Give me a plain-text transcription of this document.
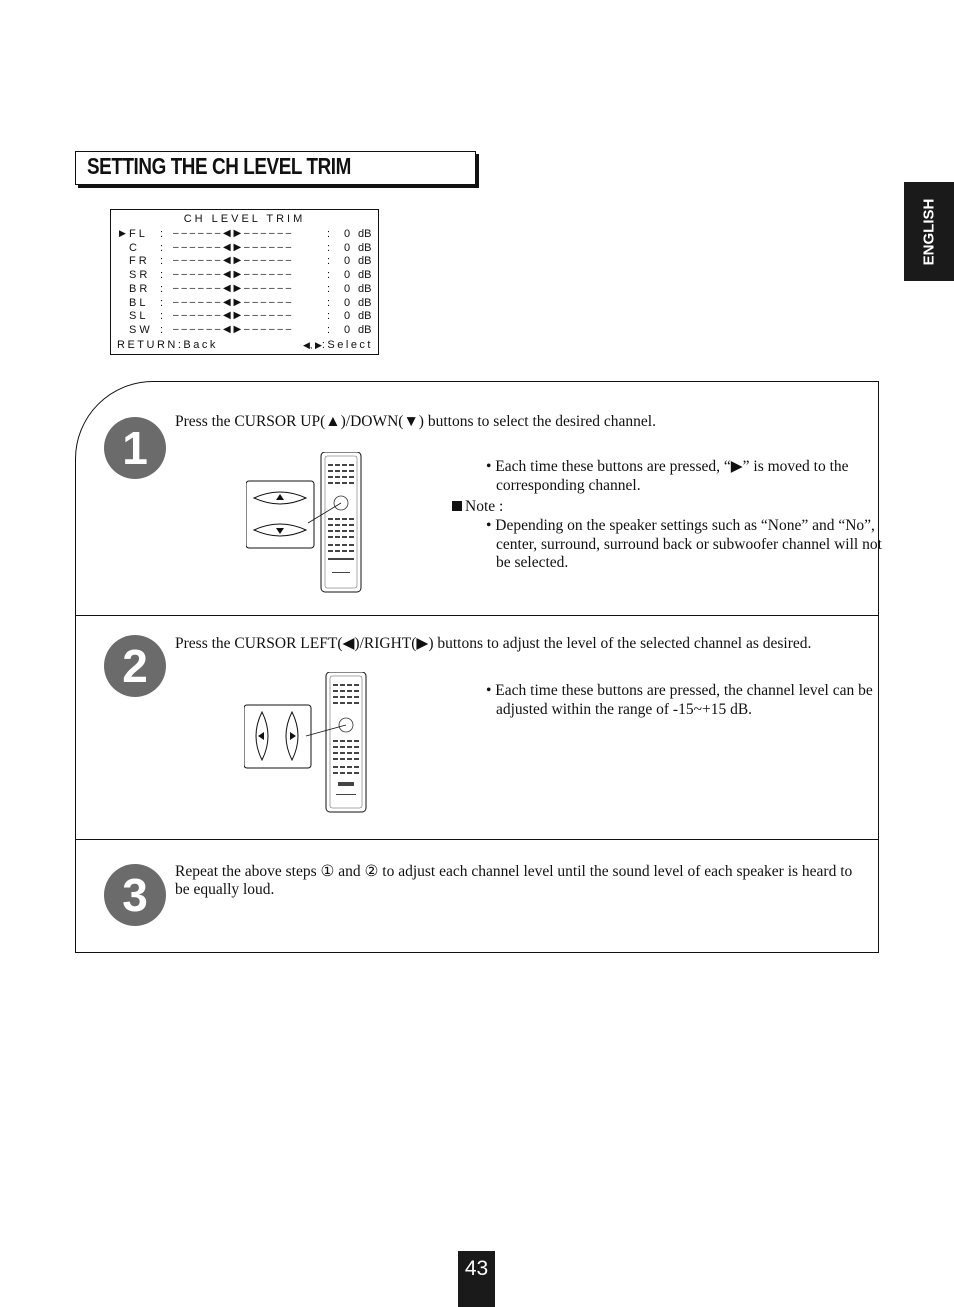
SETTING THE CH LEVEL TRIM
ENGLISH
CH LEVEL TRIM
▶ FL : – – – – – – ◀ ▶ – – – – – –	: 0 dB
C : – – – – – – ◀ ▶ – – – – – –	: 0 dB
FR : – – – – – – ◀ ▶ – – – – – –	: 0 dB
SR : – – – – – – ◀ ▶ – – – – – –	: 0 dB
BR : – – – – – – ◀ ▶ – – – – – –	: 0 dB
BL : – – – – – – ◀ ▶ – – – – – –	: 0 dB
SL : – – – – – – ◀ ▶ – – – – – –	: 0 dB
SW : – – – – – – ◀ ▶ – – – – – –	: 0 dB
RETURN:Back	◀, ▶:Select
1
Press the CURSOR UP(▲)/DOWN(▼) buttons to select the desired channel.
• Each time these buttons are pressed, “▶” is moved to the corresponding channel.
Note :
• Depending on the speaker settings such as “None” and “No”, center, surround, surround back or subwoofer channel will not be selected.
2	Press the CURSOR LEFT(◀)/RIGHT(▶) buttons to adjust the level of the selected channel as desired.
• Each time these buttons are pressed, the channel level can be adjusted within the range of -15~+15 dB.
3	Repeat the above steps ① and ② to adjust each channel level until the sound level of each speaker is heard to be equally loud.
43
